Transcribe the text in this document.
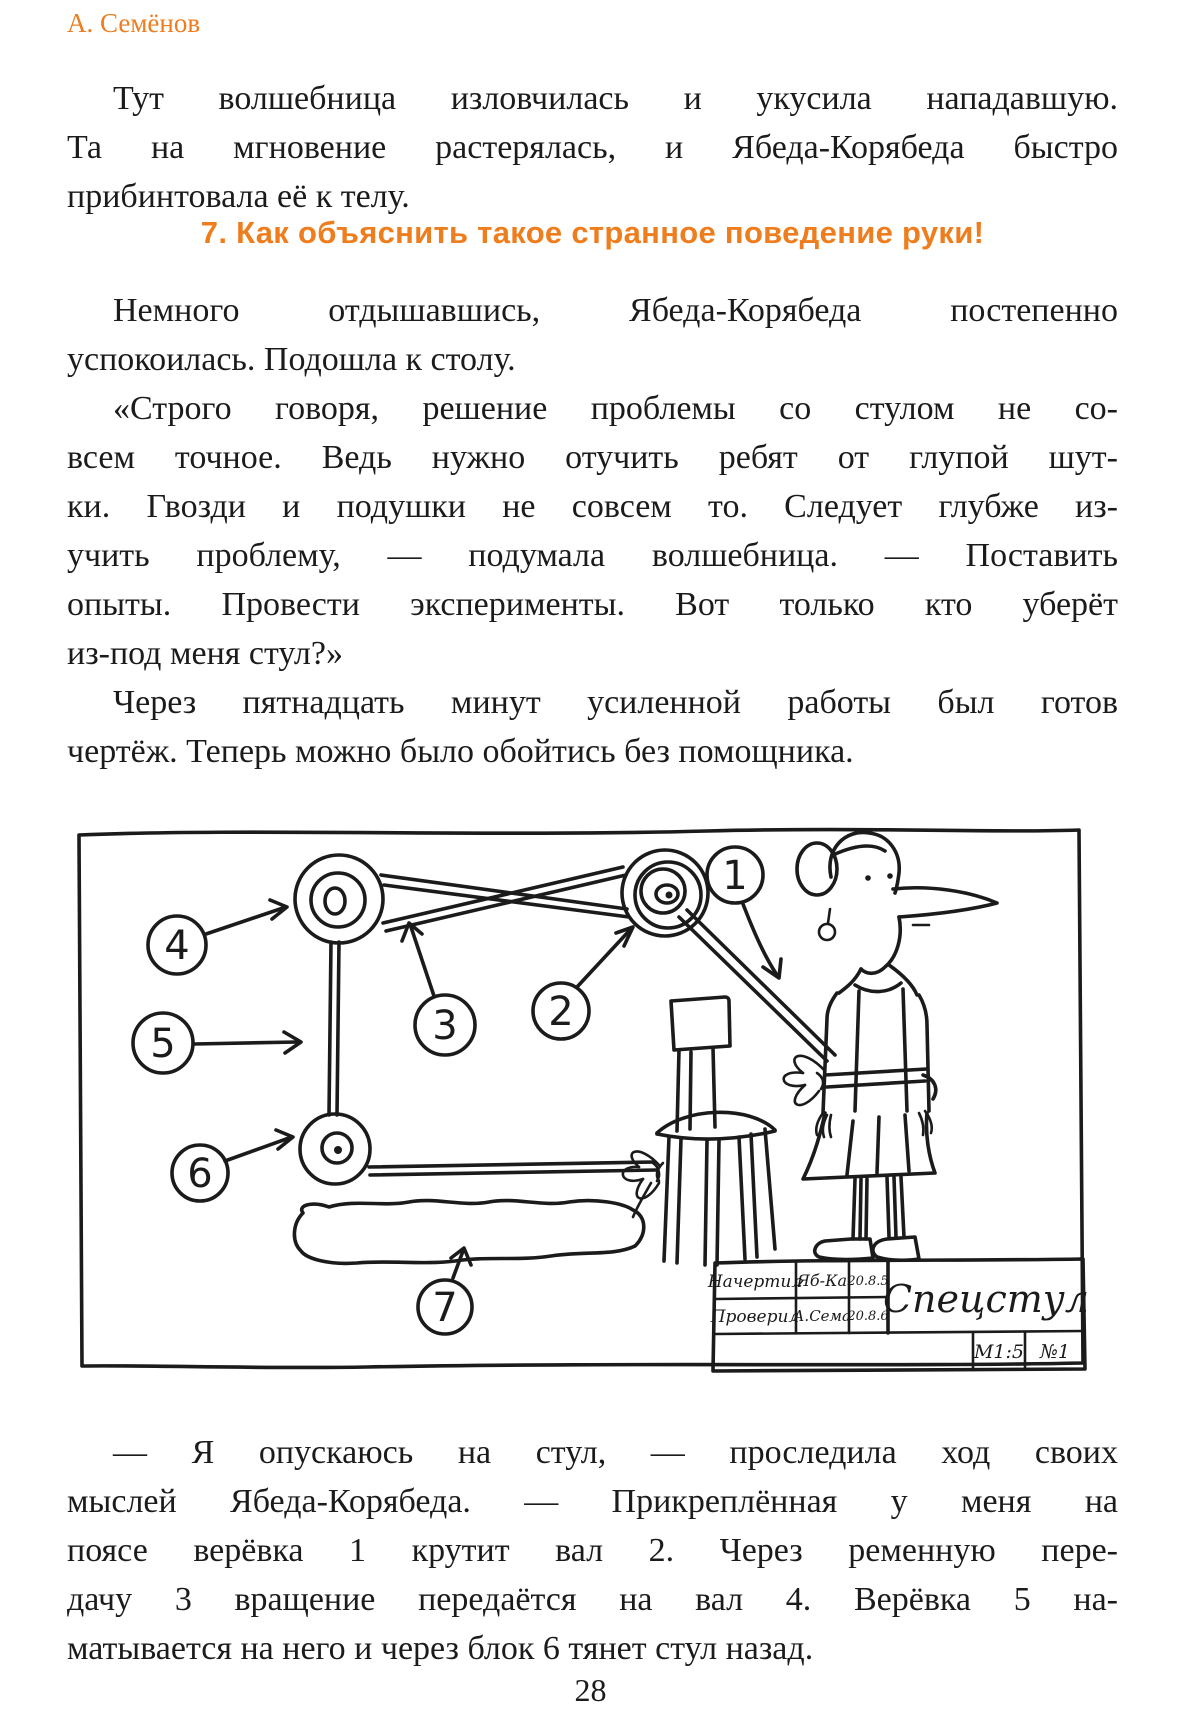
А. Семёнов
Тут волшебница изловчилась и укусила нападавшую.
Та на мгновение растерялась, и Ябеда-Корябеда быстро
прибинтовала её к телу.
7. Как объяснить такое странное поведение руки!
Немного отдышавшись, Ябеда-Корябеда постепенно
успокоилась. Подошла к столу.
«Строго говоря, решение проблемы со стулом не со-
всем точное. Ведь нужно отучить ребят от глупой шут-
ки. Гвозди и подушки не совсем то. Следует глубже из-
учить проблему, — подумала волшебница. — Поставить
опыты. Провести эксперименты. Вот только кто уберёт
из-под меня стул?»
Через пятнадцать минут усиленной работы был готов
чертёж. Теперь можно было обойтись без помощника.
1
2
3
4
5
6
7
Начертил
Яб-Ка 20.8.5
Проверил
А.Сема
20.8.6
Спецстул
М1:5 №1
— Я опускаюсь на стул, — проследила ход своих
мыслей Ябеда-Корябеда. — Прикреплённая у меня на
поясе верёвка 1 крутит вал 2. Через ременную пере-
дачу 3 вращение передаётся на вал 4. Верёвка 5 на-
матывается на него и через блок 6 тянет стул назад.
28
